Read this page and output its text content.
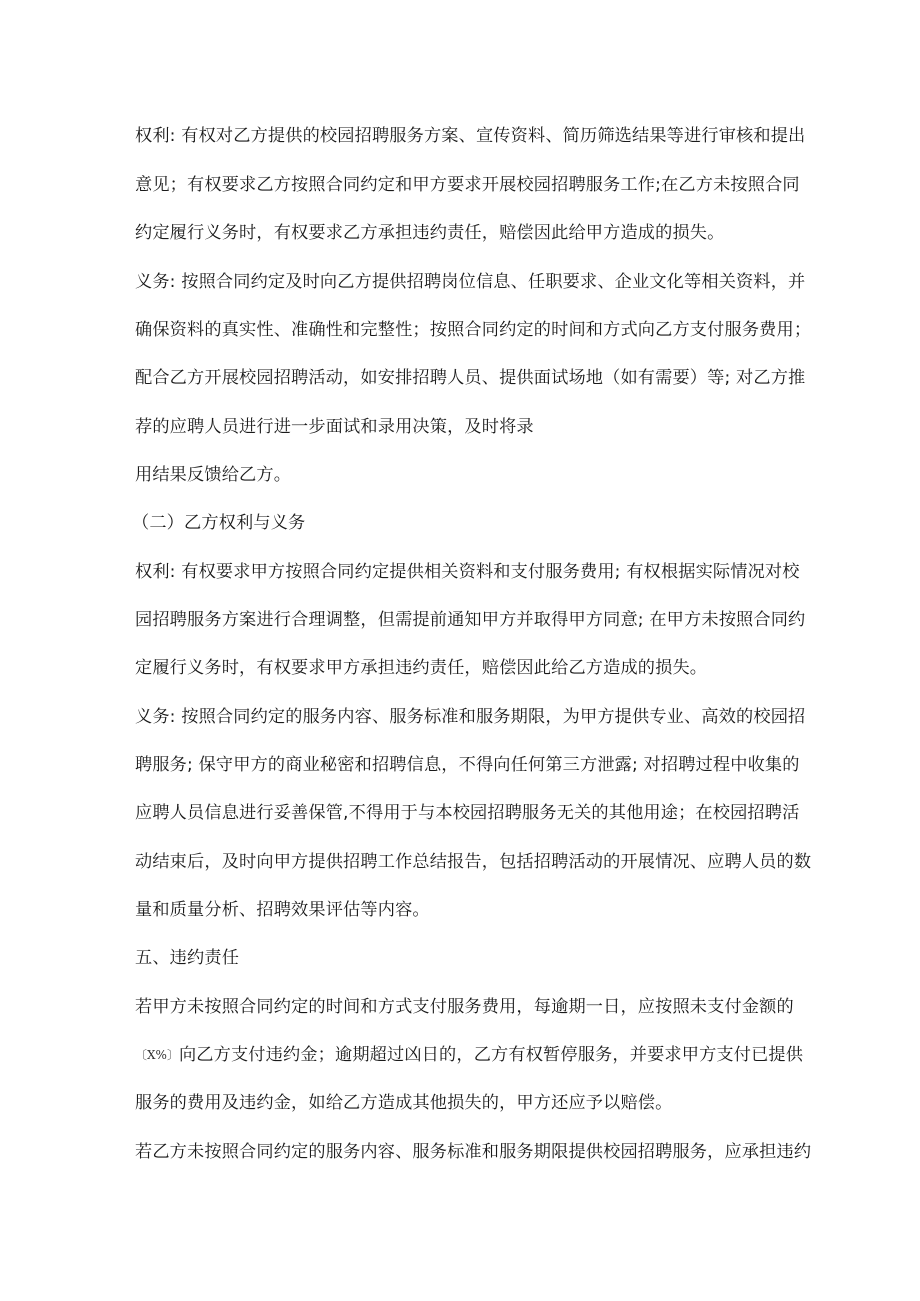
权利: 有权对乙方提供的校园招聘服务方案、宣传资料、简历筛选结果等进行审核和提出

意见；有权要求乙方按照合同约定和甲方要求开展校园招聘服务工作;在乙方未按照合同

约定履行义务时，有权要求乙方承担违约责任，赔偿因此给甲方造成的损失。

义务: 按照合同约定及时向乙方提供招聘岗位信息、任职要求、企业文化等相关资料，并

确保资料的真实性、准确性和完整性；按照合同约定的时间和方式向乙方支付服务费用；

配合乙方开展校园招聘活动，如安排招聘人员、提供面试场地（如有需要）等; 对乙方推

荐的应聘人员进行进一步面试和录用决策，及时将录

用结果反馈给乙方。

（二）乙方权利与义务

权利: 有权要求甲方按照合同约定提供相关资料和支付服务费用; 有权根据实际情况对校

园招聘服务方案进行合理调整，但需提前通知甲方并取得甲方同意; 在甲方未按照合同约

定履行义务时，有权要求甲方承担违约责任，赔偿因此给乙方造成的损失。

义务: 按照合同约定的服务内容、服务标准和服务期限，为甲方提供专业、高效的校园招

聘服务; 保守甲方的商业秘密和招聘信息，不得向任何第三方泄露; 对招聘过程中收集的

应聘人员信息进行妥善保管,不得用于与本校园招聘服务无关的其他用途；在校园招聘活

动结束后，及时向甲方提供招聘工作总结报告，包括招聘活动的开展情况、应聘人员的数

量和质量分析、招聘效果评估等内容。

五、违约责任

若甲方未按照合同约定的时间和方式支付服务费用，每逾期一日，应按照未支付金额的

〔X%〕向乙方支付违约金；逾期超过凶日的，乙方有权暂停服务，并要求甲方支付已提供

服务的费用及违约金，如给乙方造成其他损失的，甲方还应予以赔偿。

若乙方未按照合同约定的服务内容、服务标准和服务期限提供校园招聘服务，应承担违约
